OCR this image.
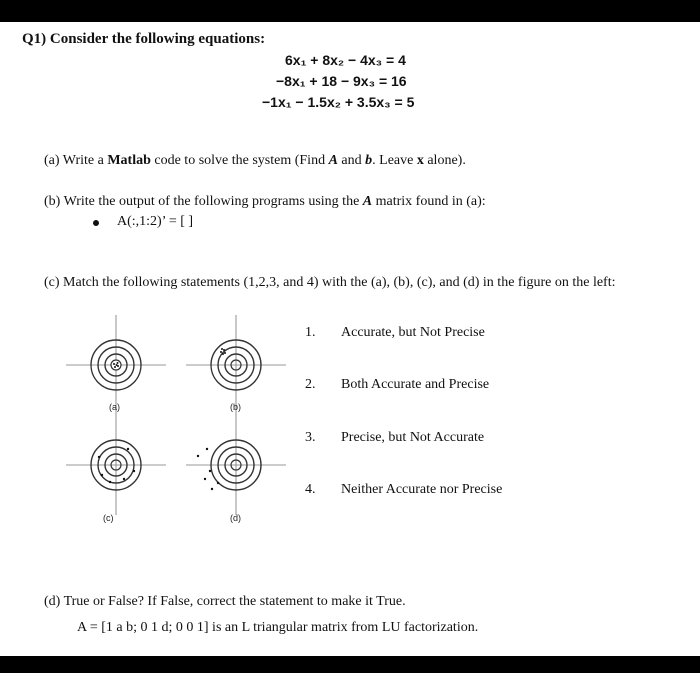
Q1) Consider the following equations:
6x₁ + 8x₂ − 4x₃ = 4
−8x₁ + 18 − 9x₃ = 16
−1x₁ − 1.5x₂ + 3.5x₃ = 5
(a) Write a Matlab code to solve the system (Find A and b. Leave x alone).
(b) Write the output of the following programs using the A matrix found in (a):
A(:,1:2)’ = [ ]
(c) Match the following statements (1,2,3, and 4) with the (a), (b), (c), and (d) in the figure on the left:
(a)	(b)
(c)	(d)
1. Accurate, but Not Precise
2. Both Accurate and Precise
3. Precise, but Not Accurate
4. Neither Accurate nor Precise
(d) True or False? If False, correct the statement to make it True.
A = [1 a b; 0 1 d; 0 0 1] is an L triangular matrix from LU factorization.
